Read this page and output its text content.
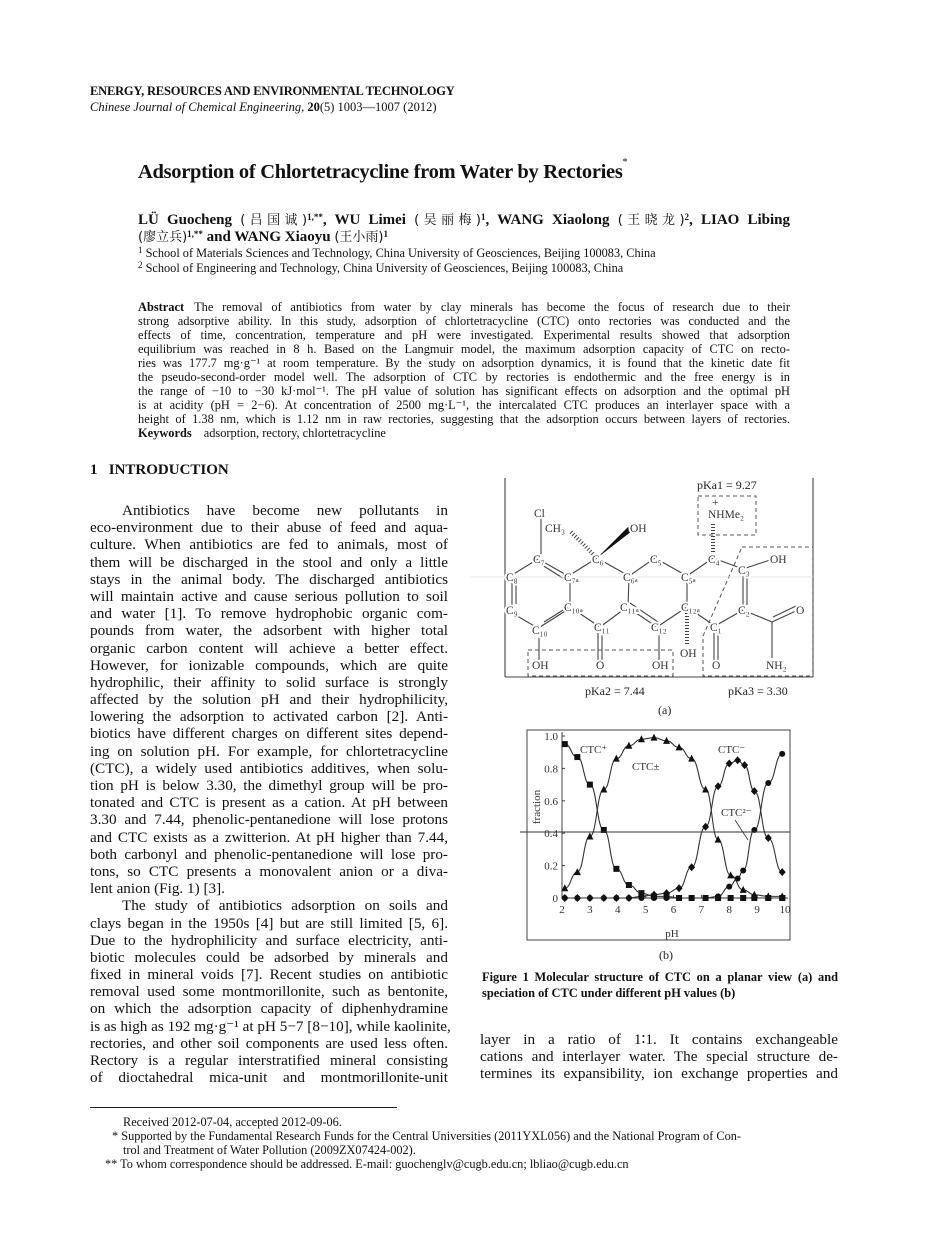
ENERGY, RESOURCES AND ENVIRONMENTAL TECHNOLOGY
Chinese Journal of Chemical Engineering, 20(5) 1003—1007 (2012)
Adsorption of Chlortetracycline from Water by Rectories*
LÜ Guocheng (吕国诚)$^{1,**}$, WU Limei (吴丽梅)$^1$, WANG Xiaolong (王晓龙)$^2$, LIAO Libing
(廖立兵)$^{1,**}$ and WANG Xiaoyu (王小雨)$^1$
$^1$ School of Materials Sciences and Technology, China University of Geosciences, Beijing 100083, China
$^2$ School of Engineering and Technology, China University of Geosciences, Beijing 100083, China
Abstract The removal of antibiotics from water by clay minerals has become the focus of research due to their
strong adsorptive ability. In this study, adsorption of chlortetracycline (CTC) onto rectories was conducted and the
effects of time, concentration, temperature and pH were investigated. Experimental results showed that adsorption
equilibrium was reached in 8 h. Based on the Langmuir model, the maximum adsorption capacity of CTC on recto-
ries was 177.7 mg·g⁻¹ at room temperature. By the study on adsorption dynamics, it is found that the kinetic date fit
the pseudo-second-order model well. The adsorption of CTC by rectories is endothermic and the free energy is in
the range of −10 to −30 kJ·mol⁻¹. The pH value of solution has significant effects on adsorption and the optimal pH
is at acidity (pH = 2−6). At concentration of 2500 mg·L⁻¹, the intercalated CTC produces an interlayer space with a
height of 1.38 nm, which is 1.12 nm in raw rectories, suggesting that the adsorption occurs between layers of rectories.
Keywords adsorption, rectory, chlortetracycline
1   INTRODUCTION
Antibiotics have become new pollutants in
eco-environment due to their abuse of feed and aqua-
culture. When antibiotics are fed to animals, most of
them will be discharged in the stool and only a little
stays in the animal body. The discharged antibiotics
will maintain active and cause serious pollution to soil
and water [1]. To remove hydrophobic organic com-
pounds from water, the adsorbent with higher total
organic carbon content will achieve a better effect.
However, for ionizable compounds, which are quite
hydrophilic, their affinity to solid surface is strongly
affected by the solution pH and their hydrophilicity,
lowering the adsorption to activated carbon [2]. Anti-
biotics have different charges on different sites depend-
ing on solution pH. For example, for chlortetracycline
(CTC), a widely used antibiotics additives, when solu-
tion pH is below 3.30, the dimethyl group will be pro-
tonated and CTC is present as a cation. At pH between
3.30 and 7.44, phenolic-pentanedione will lose protons
and CTC exists as a zwitterion. At pH higher than 7.44,
both carbonyl and phenolic-pentanedione will lose pro-
tons, so CTC presents a monovalent anion or a diva-
lent anion (Fig. 1) [3].
The study of antibiotics adsorption on soils and
clays began in the 1950s [4] but are still limited [5, 6].
Due to the hydrophilicity and surface electricity, anti-
biotic molecules could be adsorbed by minerals and
fixed in mineral voids [7]. Recent studies on antibiotic
removal used some montmorillonite, such as bentonite,
on which the adsorption capacity of diphenhydramine
is as high as 192 mg·g⁻¹ at pH 5−7 [8−10], while kaolinite,
rectories, and other soil components are used less often.
Rectory is a regular interstratified mineral consisting
of dioctahedral mica-unit and montmorillonite-unit
layer in a ratio of 1∶1. It contains exchangeable
cations and interlayer water. The special structure de-
termines its expansibility, ion exchange properties and
Cl
CH₃	OH
C₇	C₆	C₅	C₄
C₃
OH
C₈	C₇ₐ	C₆ₐ	C₅ₐ
C₉	C₁₀ₐ	C₁₁ₐ	C₁₂ₐ	C₂	O
C₁₀	C₁₁	C₁₂	C₁
OH
OH	O	OH	O	NH₂
NHMe₂
+
pKa1 = 9.27
pKa2 = 7.44	pKa3 = 3.30
(a)
2 3 4 5 6 7 8 9 10
0
0.2
0.4
0.6
0.8
1.0
fraction
pH
CTC⁺
CTC±
CTC⁻
CTC²⁻
(b)
Figure 1 Molecular structure of CTC on a planar view (a) and speciation of CTC under different pH values (b)
Received 2012-07-04, accepted 2012-09-06.
* Supported by the Fundamental Research Funds for the Central Universities (2011YXL056) and the National Program of Con-
trol and Treatment of Water Pollution (2009ZX07424-002).
** To whom correspondence should be addressed. E-mail: guochenglv@cugb.edu.cn; lbliao@cugb.edu.cn
